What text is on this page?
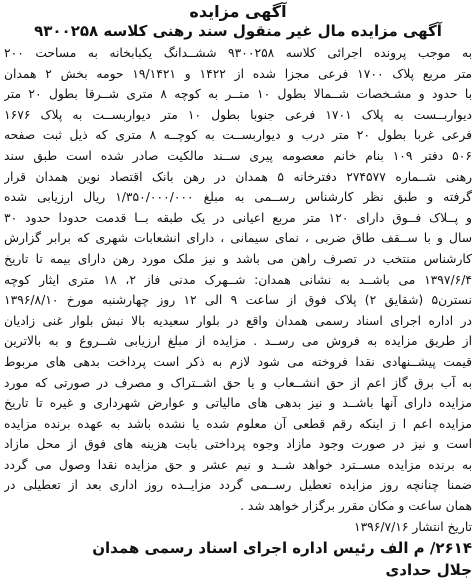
آگهی مزایده
آگهی مزایده مال غیر منقول سند رهنی کلاسه ۹۳۰۰۲۵۸
به موجب پرونده اجرائی کلاسه ۹۳۰۰۲۵۸ ششــدانگ یکبابخانه به مساحت ۲۰۰
متر مربع پلاک ۱۷۰۰ فرعی مجزا شده از ۱۴۲۲ و ۱۹/۱۴۲۱ حومه بخش ۲ همدان
با حدود و مشـخصات شــمالا بطول ۱۰ متــر به کوچه ۸ متری شــرقا بطول ۲۰ متر
دیواربــست به پلاک ۱۷۰۱ فرعی جنوبا بطول ۱۰ متر دیواربســت به پلاک ۱۶۷۶
فرعی غربا بطول ۲۰ متر درب و دیواربســت به کوچــه ۸ متری که ذیل ثبت صفحه
۵۰۶ دفتر ۱۰۹ بنام خانم معصومه پیری ســند مالکیت صادر شده است طبق سند
رهنی شــماره ۲۷۴۵۷۷ دفترخانه ۵ همدان در رهن بانک اقتصاد نوین همدان قرار
گرفته و طبق نظر کارشناس رســمی به مبلغ ۱/۳۵۰/۰۰۰/۰۰۰ ریال ارزیابی شده
و پــلاک فــوق دارای ۱۲۰ متر مربع اعیانی در یک طبقه بــا قدمت حدودا حدود ۳۰
سال و با ســقف طاق ضربی ، نمای سیمانی ، دارای انشعابات شهری که برابر گزارش
کارشناس منتخب در تصرف راهن می باشد و نیز ملک مورد رهن دارای بیمه تا تاریخ
۱۳۹۷/۶/۴ می باشــد به نشانی همدان: شــهرک مدنی فاز ۲، ۱۸ متری ایثار کوچه
نسترن۵ (شقایق ۲) پلاک فوق از ساعت ۹ الی ۱۲ روز چهارشنبه مورخ ۱۳۹۶/۸/۱۰
در اداره اجرای اسناد رسمی همدان واقع در بلوار سعیدیه بالا نبش بلوار غنی زادیان
از طریق مزایده به فروش می رســد . مزایده از مبلغ ارزیابی شــروع و به بالاترین
قیمت پیشــنهادی نقدا فروخته می شود لازم به ذکر است پرداخت بدهی های مربوط
به آب برق گاز اعم از حق انشــعاب و یا حق اشــتراک و مصرف در صورتی که مورد
مزایده دارای آنها باشــد و نیز بدهی های مالیاتی و عوارض شهرداری و غیره تا تاریخ
مزایده اعم ا ز اینکه رقم قطعی آن معلوم شده یا نشده باشد به عهده برنده مزایده
است و نیز در صورت وجود مازاد وجوه پرداختی بابت هزینه های فوق از محل مازاد
به برنده مزایده مســترد خواهد شــد و نیم عشر و حق مزایده نقدا وصول می گردد
ضمنا چنانچه روز مزایده تعطیل رســمی گردد مزایــده روز اداری بعد از تعطیلی در
همان ساعت و مکان مقرر برگزار خواهد شد .
تاریخ انتشار ۱۳۹۶/۷/۱۶
۲۶۱۴/ م الف رئیس اداره اجرای اسناد رسمی همدان
جلال حدادی
